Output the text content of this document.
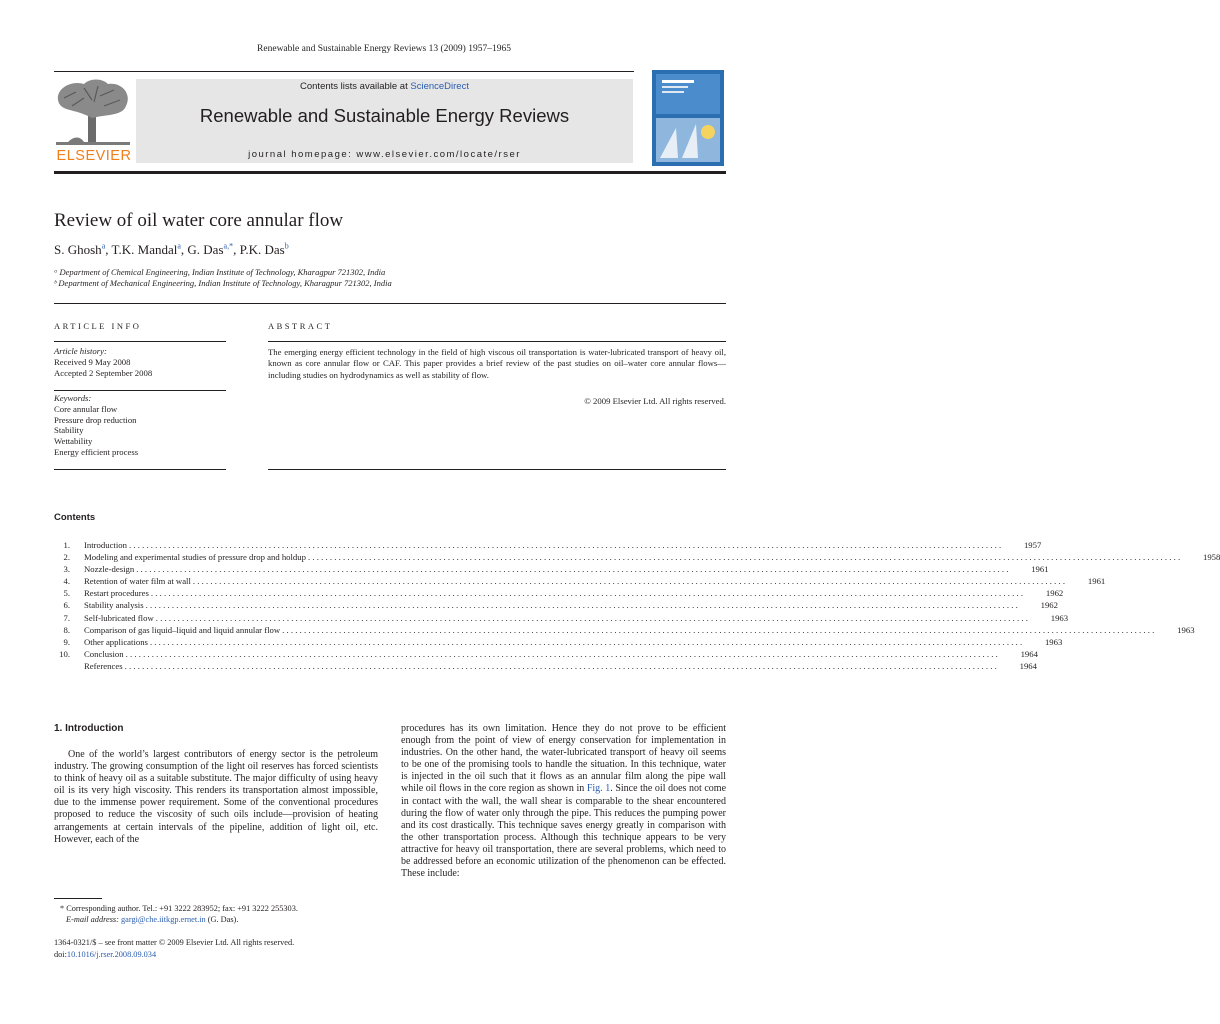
Renewable and Sustainable Energy Reviews 13 (2009) 1957–1965
ELSEVIER
Contents lists available at ScienceDirect
Renewable and Sustainable Energy Reviews
journal homepage: www.elsevier.com/locate/rser
Review of oil water core annular flow
S. Ghosh$^a$, T.K. Mandal$^a$, G. Das$^{a,*}$, P.K. Das$^b$
ᵃ Department of Chemical Engineering, Indian Institute of Technology, Kharagpur 721302, India
ᵇ Department of Mechanical Engineering, Indian Institute of Technology, Kharagpur 721302, India
ARTICLE INFO
Article history:
Received 9 May 2008
Accepted 2 September 2008
Keywords:
Core annular flow
Pressure drop reduction
Stability
Wettability
Energy efficient process
ABSTRACT
The emerging energy efficient technology in the field of high viscous oil transportation is water-lubricated transport of heavy oil, known as core annular flow or CAF. This paper provides a brief review of the past studies on oil–water core annular flows—including studies on hydrodynamics as well as stability of flow.
© 2009 Elsevier Ltd. All rights reserved.
Contents
1.	Introduction ........................................................................................................................................................................................................	1957
2.	Modeling and experimental studies of pressure drop and holdup ........................................................................................................................................................................................................	1958
3.	Nozzle-design ........................................................................................................................................................................................................	1961
4.	Retention of water film at wall ........................................................................................................................................................................................................	1961
5.	Restart procedures ........................................................................................................................................................................................................	1962
6.	Stability analysis ........................................................................................................................................................................................................	1962
7.	Self-lubricated flow ........................................................................................................................................................................................................	1963
8.	Comparison of gas liquid–liquid and liquid annular flow ........................................................................................................................................................................................................	1963
9.	Other applications ........................................................................................................................................................................................................	1963
10.	Conclusion ........................................................................................................................................................................................................	1964
References ........................................................................................................................................................................................................	1964
1. Introduction
One of the world’s largest contributors of energy sector is the petroleum industry. The growing consumption of the light oil reserves has forced scientists to think of heavy oil as a suitable substitute. The major difficulty of using heavy oil is its very high viscosity. This renders its transportation almost impossible, due to the immense power requirement. Some of the conventional procedures proposed to reduce the viscosity of such oils include—provision of heating arrangements at certain intervals of the pipeline, addition of light oil, etc. However, each of the
procedures has its own limitation. Hence they do not prove to be efficient enough from the point of view of energy conservation for implementation in industries. On the other hand, the water-lubricated transport of heavy oil seems to be one of the promising tools to handle the situation. In this technique, water is injected in the oil such that it flows as an annular film along the pipe wall while oil flows in the core region as shown in Fig. 1. Since the oil does not come in contact with the wall, the wall shear is comparable to the shear encountered during the flow of water only through the pipe. This reduces the pumping power and its cost drastically. This technique saves energy greatly in comparison with the other transportation process. Although this technique appears to be very attractive for heavy oil transportation, there are several problems, which need to be addressed before an economic utilization of the phenomenon can be effected. These include:
* Corresponding author. Tel.: +91 3222 283952; fax: +91 3222 255303.
E-mail address: gargi@che.iitkgp.ernet.in (G. Das).
1364-0321/$ – see front matter © 2009 Elsevier Ltd. All rights reserved.
doi:10.1016/j.rser.2008.09.034
